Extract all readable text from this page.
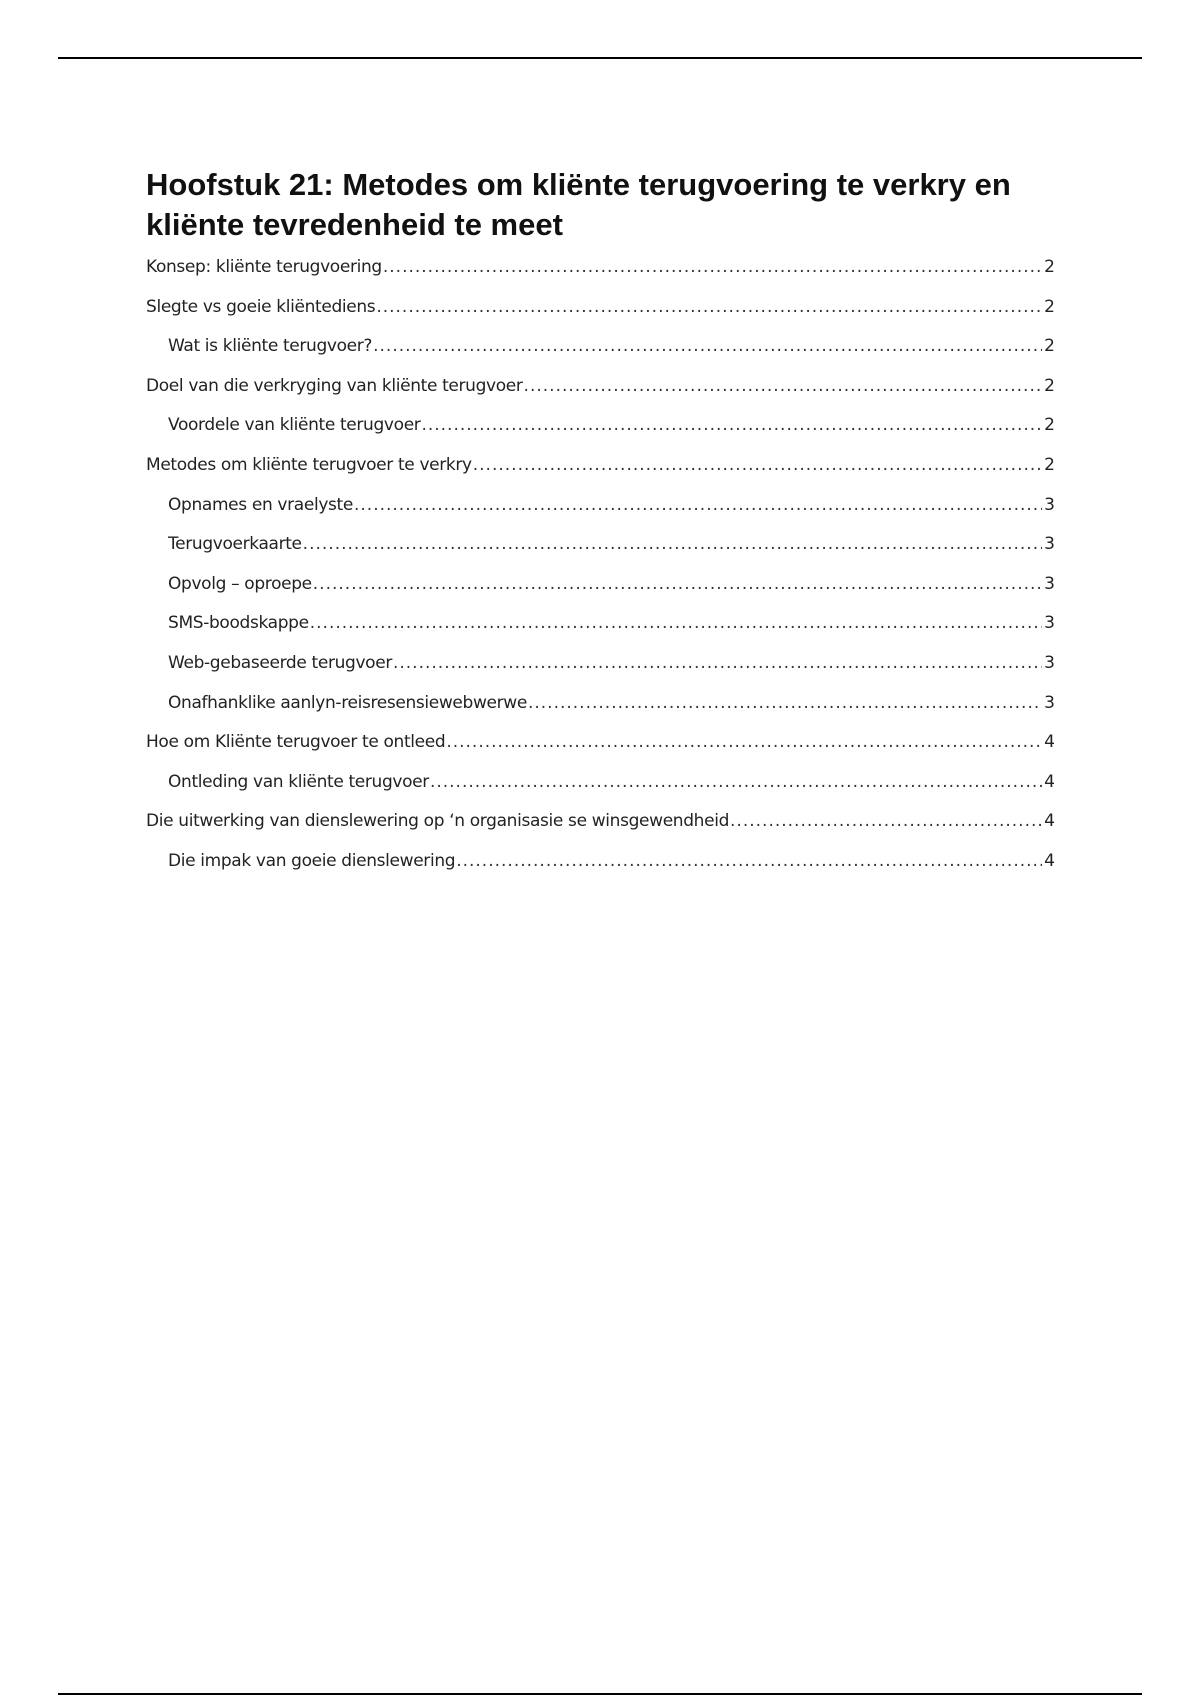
Hoofstuk 21: Metodes om kliënte terugvoering te verkry en
kliënte tevredenheid te meet
Konsep: kliënte terugvoering .....	2
Slegte vs goeie kliëntediens .....	2
Wat is kliënte terugvoer? .....	2
Doel van die verkryging van kliënte terugvoer .....	2
Voordele van kliënte terugvoer .....	2
Metodes om kliënte terugvoer te verkry .....	2
Opnames en vraelyste .....	3
Terugvoerkaarte .....	3
Opvolg – oproepe .....	3
SMS-boodskappe .....	3
Web-gebaseerde terugvoer .....	3
Onafhanklike aanlyn-reisresensiewebwerwe .....	3
Hoe om Kliënte terugvoer te ontleed .....	4
Ontleding van kliënte terugvoer .....	4
Die uitwerking van dienslewering op ‘n organisasie se winsgewendheid .....	4
Die impak van goeie dienslewering .....	4
